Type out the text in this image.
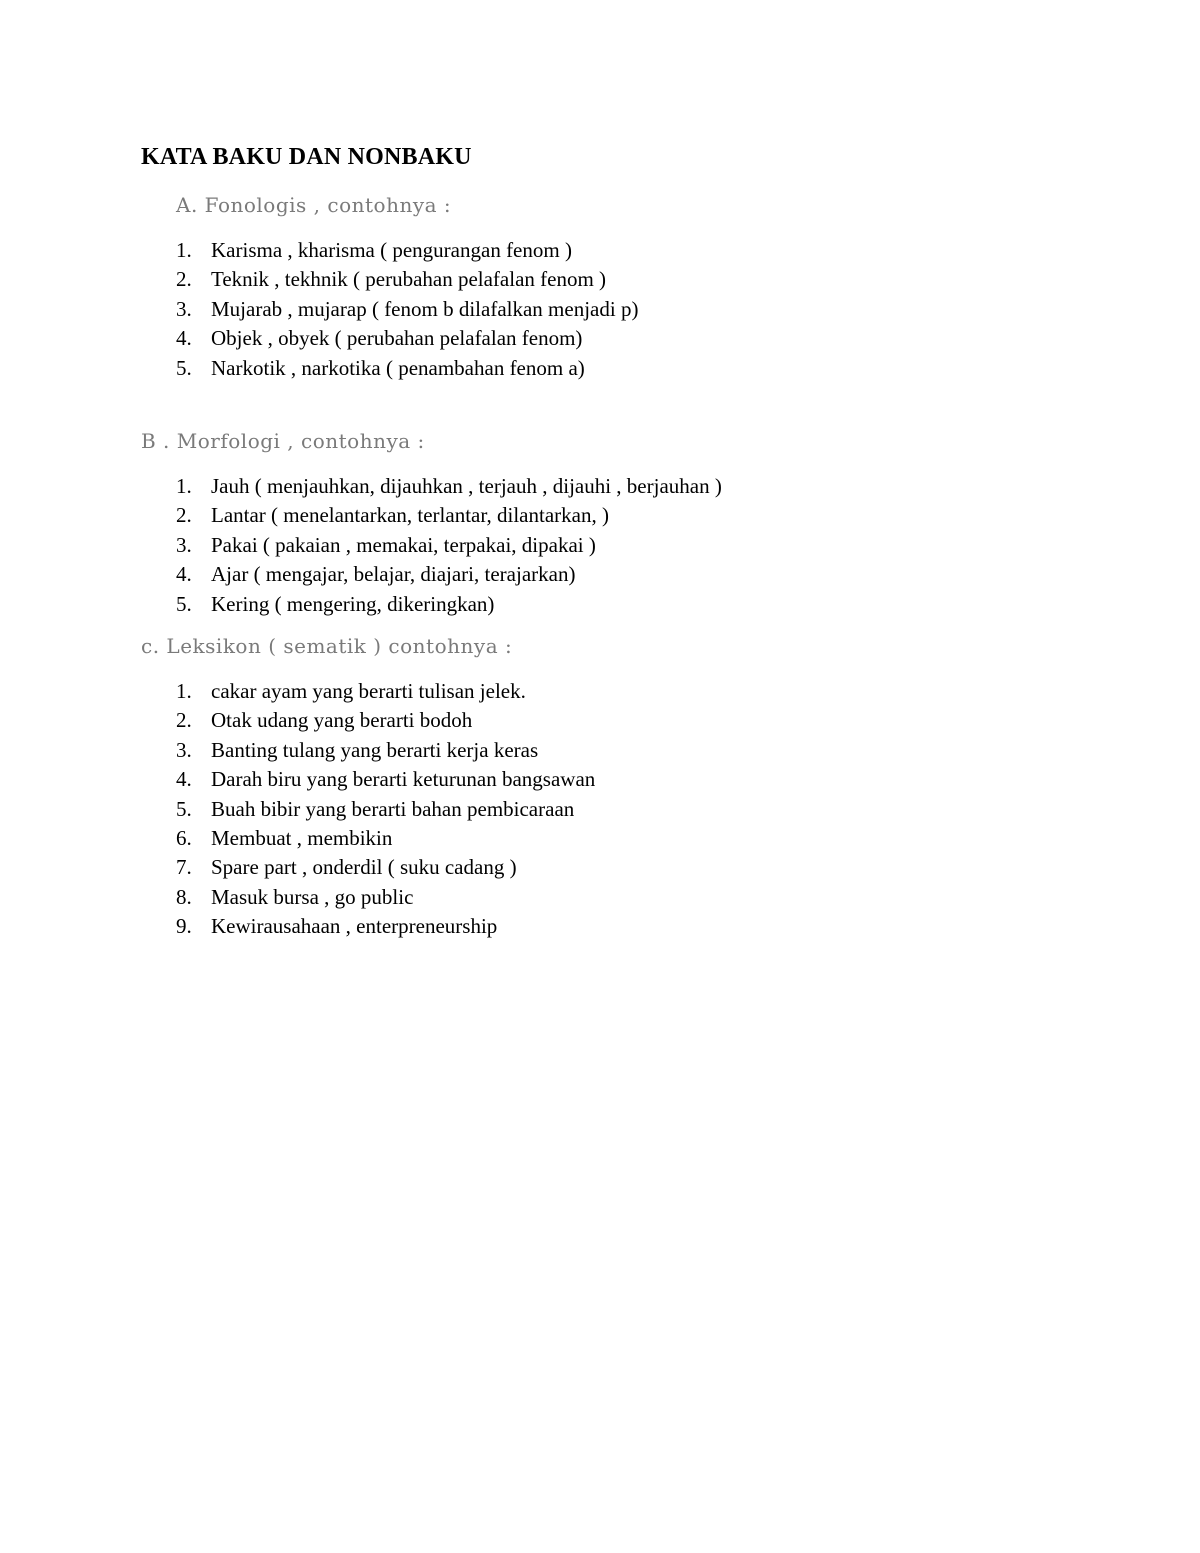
KATA BAKU DAN NONBAKU
A. Fonologis , contohnya :
1. Karisma , kharisma ( pengurangan fenom )
2. Teknik , tekhnik ( perubahan pelafalan fenom )
3. Mujarab , mujarap ( fenom b dilafalkan menjadi p)
4. Objek , obyek ( perubahan pelafalan fenom)
5. Narkotik , narkotika ( penambahan fenom a)
B . Morfologi , contohnya :
1. Jauh ( menjauhkan, dijauhkan , terjauh , dijauhi , berjauhan )
2. Lantar ( menelantarkan, terlantar, dilantarkan, )
3. Pakai ( pakaian , memakai, terpakai, dipakai )
4. Ajar ( mengajar, belajar, diajari, terajarkan)
5. Kering ( mengering, dikeringkan)
c. Leksikon ( sematik ) contohnya :
1. cakar ayam yang berarti tulisan jelek.
2. Otak udang yang berarti bodoh
3. Banting tulang yang berarti kerja keras
4. Darah biru yang berarti keturunan bangsawan
5. Buah bibir yang berarti bahan pembicaraan
6. Membuat , membikin
7. Spare part , onderdil ( suku cadang )
8. Masuk bursa , go public
9. Kewirausahaan , enterpreneurship
